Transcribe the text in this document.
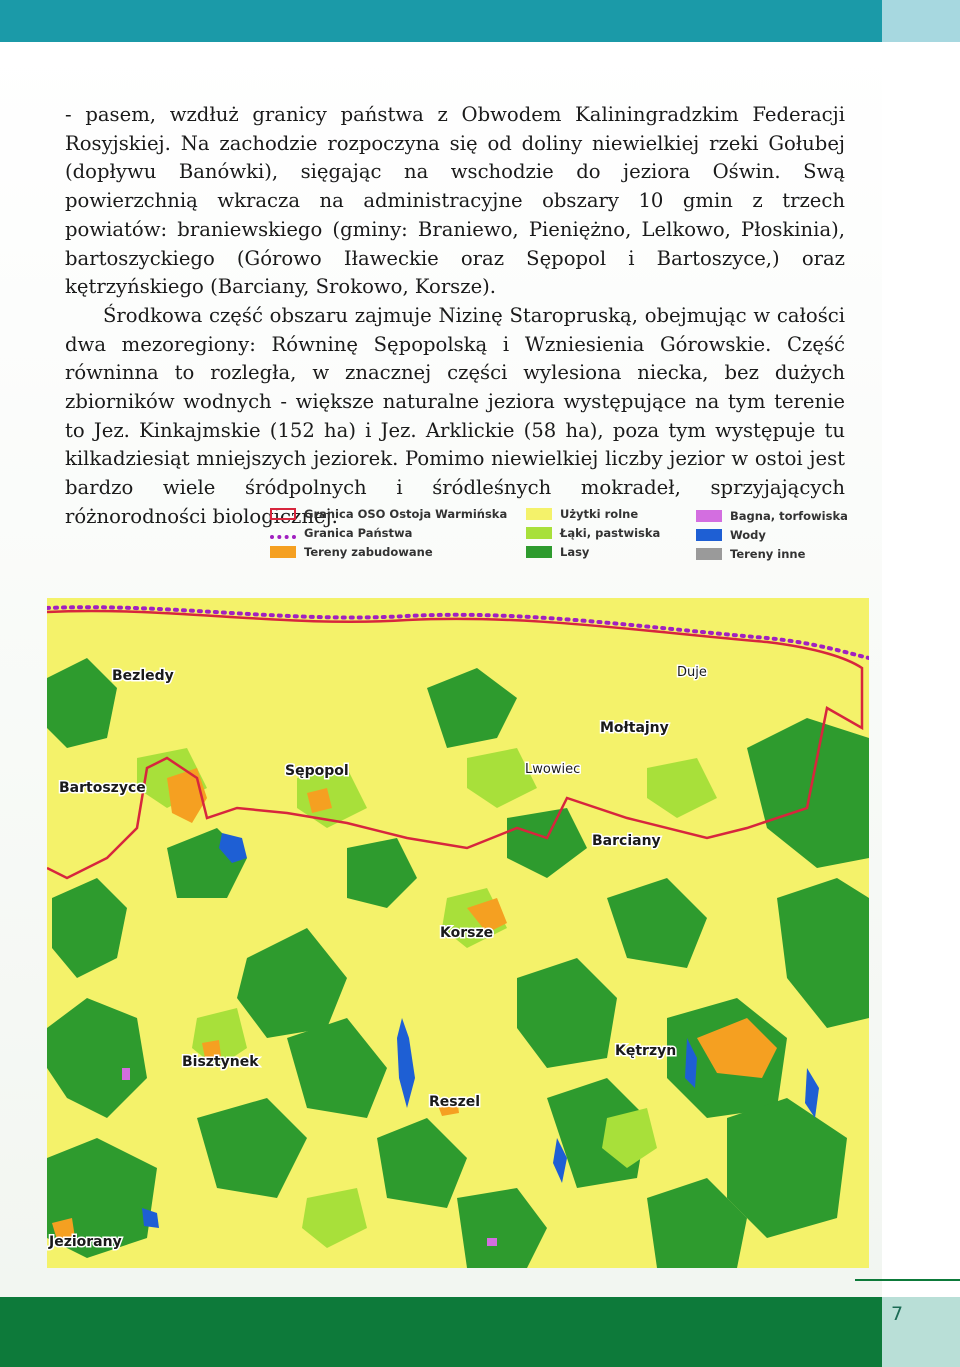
- pasem, wzdłuż granicy państwa z Obwodem Kaliningradzkim Federacji Rosyjskiej. Na zachodzie rozpoczyna się od doliny niewielkiej rzeki Gołubej (dopływu Banówki), sięgając na wschodzie do jeziora Oświn. Swą powierzchnią wkracza na administracyjne obszary 10 gmin z trzech powiatów: braniewskiego (gminy: Braniewo, Pieniężno, Lelkowo, Płoskinia), bartoszyckiego (Górowo Iławeckie oraz Sępopol i Bartoszyce,) oraz kętrzyńskiego (Barciany, Srokowo, Korsze).

Środkowa część obszaru zajmuje Nizinę Staropruską, obejmując w całości dwa mezoregiony: Równinę Sępopolską i Wzniesienia Górowskie. Część równinna to rozległa, w znacznej części wylesiona niecka, bez dużych zbiorników wodnych - większe naturalne jeziora występujące na tym terenie to Jez. Kinkajmskie (152 ha) i Jez. Arklickie (58 ha), poza tym występuje tu kilkadziesiąt mniejszych jeziorek. Pomimo niewielkiej liczby jezior w ostoi jest bardzo wiele śródpolnych i śródleśnych mokradeł, sprzyjających różnorodności biologicznej.

Granica OSO Ostoja Warmińska
Granica Państwa
Tereny zabudowane
Użytki rolne
Łąki, pastwiska
Lasy
Bagna, torfowiska
Wody
Tereny inne
Bezledy	Duje
Mołtajny
Bartoszyce
Sępopol	Lwowiec
Barciany
Korsze
Kętrzyn
Bisztynek
Reszel
Jeziorany
7
